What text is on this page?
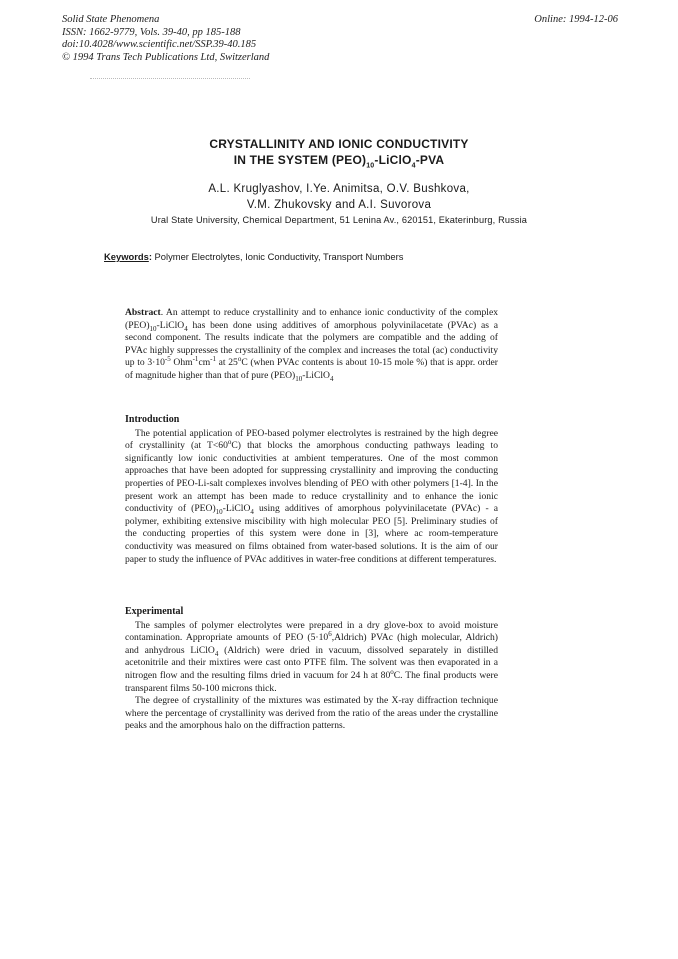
Solid State Phenomena
ISSN: 1662-9779, Vols. 39-40, pp 185-188
doi:10.4028/www.scientific.net/SSP.39-40.185
© 1994 Trans Tech Publications Ltd, Switzerland
Online: 1994-12-06
CRYSTALLINITY AND IONIC CONDUCTIVITY
IN THE SYSTEM $(PEO)_{10}-LiClO_4$-PVA
A.L. Kruglyashov, I.Ye. Animitsa, O.V. Bushkova,
V.M. Zhukovsky and A.I. Suvorova
Ural State University, Chemical Department, 51 Lenina Av., 620151, Ekaterinburg, Russia
Keywords: Polymer Electrolytes, Ionic Conductivity, Transport Numbers

Abstract. An attempt to reduce crystallinity and to enhance ionic conductivity of the complex $(PEO)_{10}-LiClO_4$ has been done using additives of amorphous polyvinilacetate (PVAc) as a second component. The results indicate that the polymers are compatible and the adding of PVAc highly suppresses the crystallinity of the complex and increases the total (ac) conductivity up to $3\cdot 10^{-5}$ $Ohm^{-1}cm^{-1}$ at 25$^o$C (when PVAc contents is about 10-15 mole %) that is appr. order of magnitude higher than that of pure $(PEO)_{10}-LiClO_4$

Introduction

The potential application of PEO-based polymer electrolytes is restrained by the high degree of crystallinity (at $T<60^oC$) that blocks the amorphous conducting pathways leading to significantly low ionic conductivities at ambient temperatures. One of the most common approaches that have been adopted for suppressing crystallinity and improving the conducting properties of PEO-Li-salt complexes involves blending of PEO with other polymers [1-4]. In the present work an attempt has been made to reduce crystallinity and to enhance the ionic conductivity of $(PEO)_{10}-LiClO_4$ using additives of amorphous polyvinilacetate (PVAc) - a polymer, exhibiting extensive miscibility with high molecular PEO [5]. Preliminary studies of the conducting properties of this system were done in [3], where ac room-temperature conductivity was measured on films obtained from water-based solutions. It is the aim of our paper to study the influence of PVAc additives in water-free conditions at different temperatures.

Experimental

The samples of polymer electrolytes were prepared in a dry glove-box to avoid moisture contamination. Appropriate amounts of PEO $(5\cdot 10^6,Aldrich)$ PVAc (high molecular, Aldrich) and anhydrous LiClO$_4$ (Aldrich) were dried in vacuum, dissolved separately in distilled acetonitrile and their mixtires were cast onto PTFE film. The solvent was then evaporated in a nitrogen flow and the resulting films dried in vacuum for 24 h at 80$^o$C. The final products were transparent films 50-100 microns thick.

The degree of crystallinity of the mixtures was estimated by the X-ray diffraction technique where the percentage of crystallinity was derived from the ratio of the areas under the crystalline peaks and the amorphous halo on the diffraction patterns.
